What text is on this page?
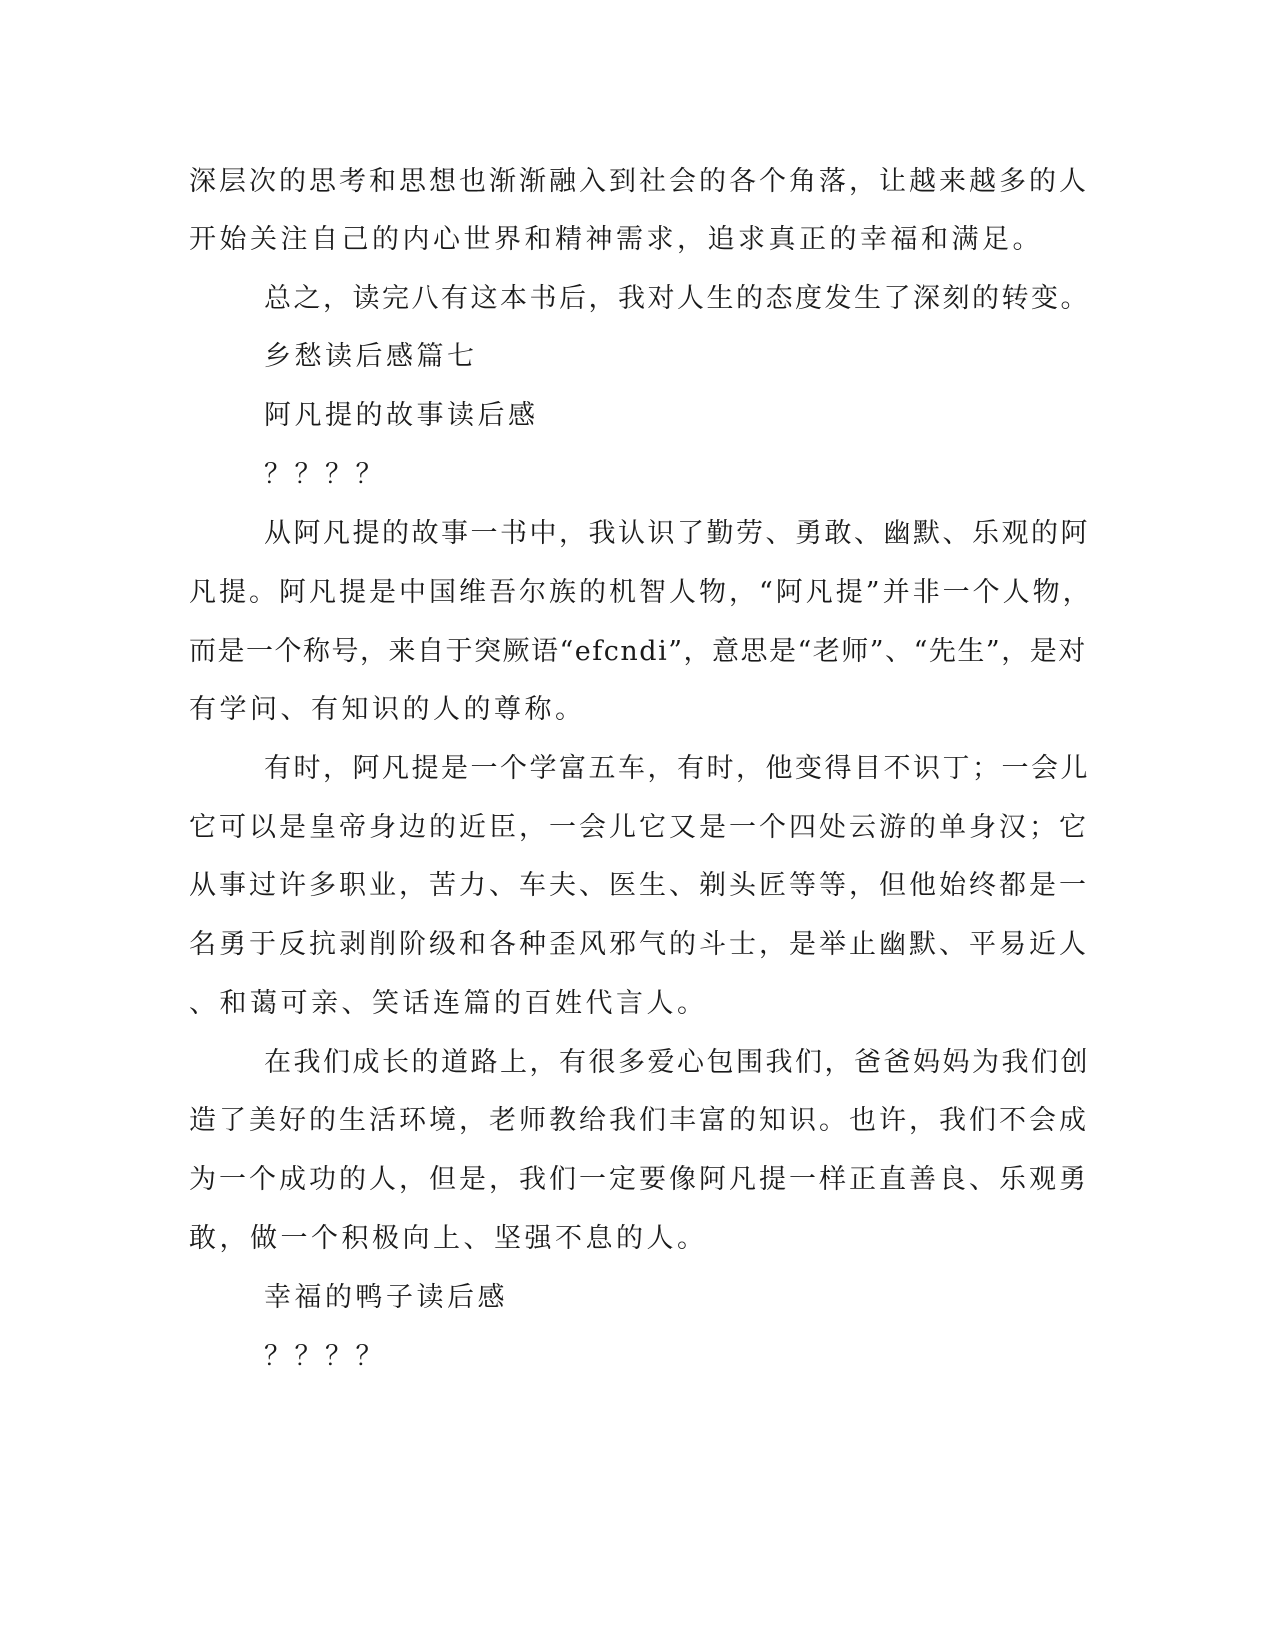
深层次的思考和思想也渐渐融入到社会的各个角落，让越来越多的人
开始关注自己的内心世界和精神需求，追求真正的幸福和满足。
总之，读完八有这本书后，我对人生的态度发生了深刻的转变。
乡愁读后感篇七
阿凡提的故事读后感
？？？？
从阿凡提的故事一书中，我认识了勤劳、勇敢、幽默、乐观的阿
凡提。阿凡提是中国维吾尔族的机智人物，“阿凡提”并非一个人物，
而是一个称号，来自于突厥语“efcndi”，意思是“老师”、“先生”，是对
有学问、有知识的人的尊称。
有时，阿凡提是一个学富五车，有时，他变得目不识丁；一会儿
它可以是皇帝身边的近臣，一会儿它又是一个四处云游的单身汉；它
从事过许多职业，苦力、车夫、医生、剃头匠等等，但他始终都是一
名勇于反抗剥削阶级和各种歪风邪气的斗士，是举止幽默、平易近人
、和蔼可亲、笑话连篇的百姓代言人。
在我们成长的道路上，有很多爱心包围我们，爸爸妈妈为我们创
造了美好的生活环境，老师教给我们丰富的知识。也许，我们不会成
为一个成功的人，但是，我们一定要像阿凡提一样正直善良、乐观勇
敢，做一个积极向上、坚强不息的人。
幸福的鸭子读后感
？？？？
